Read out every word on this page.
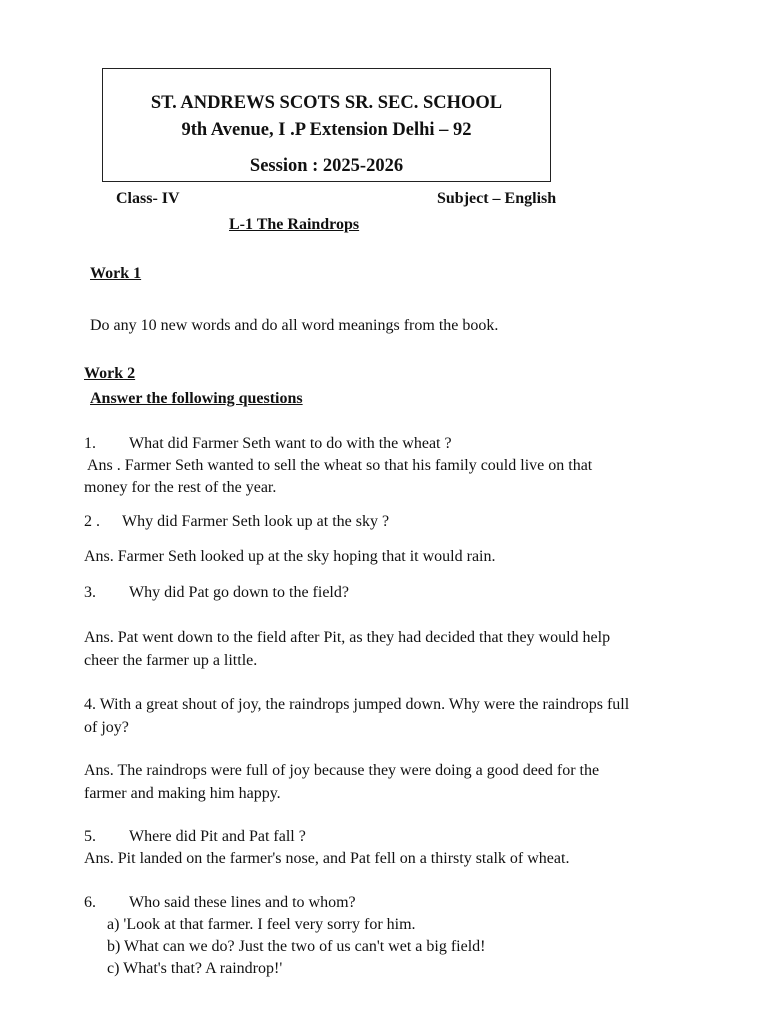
ST. ANDREWS SCOTS SR. SEC. SCHOOL
9th Avenue, I .P Extension Delhi – 92
Session : 2025-2026
Class- IV	Subject – English
L-1 The Raindrops
Work 1
Do any 10 new words and do all word meanings from the book.
Work 2
Answer the following questions
1. What did Farmer Seth want to do with the wheat ?
Ans . Farmer Seth wanted to sell the wheat so that his family could live on that
money for the rest of the year.
2 . Why did Farmer Seth look up at the sky ?
Ans. Farmer Seth looked up at the sky hoping that it would rain.
3. Why did Pat go down to the field?
Ans. Pat went down to the field after Pit, as they had decided that they would help
cheer the farmer up a little.
4. With a great shout of joy, the raindrops jumped down. Why were the raindrops full
of joy?
Ans. The raindrops were full of joy because they were doing a good deed for the
farmer and making him happy.
5. Where did Pit and Pat fall ?
Ans. Pit landed on the farmer's nose, and Pat fell on a thirsty stalk of wheat.
6. Who said these lines and to whom?
a) 'Look at that farmer. I feel very sorry for him.
b) What can we do? Just the two of us can't wet a big field!
c) What's that? A raindrop!'
